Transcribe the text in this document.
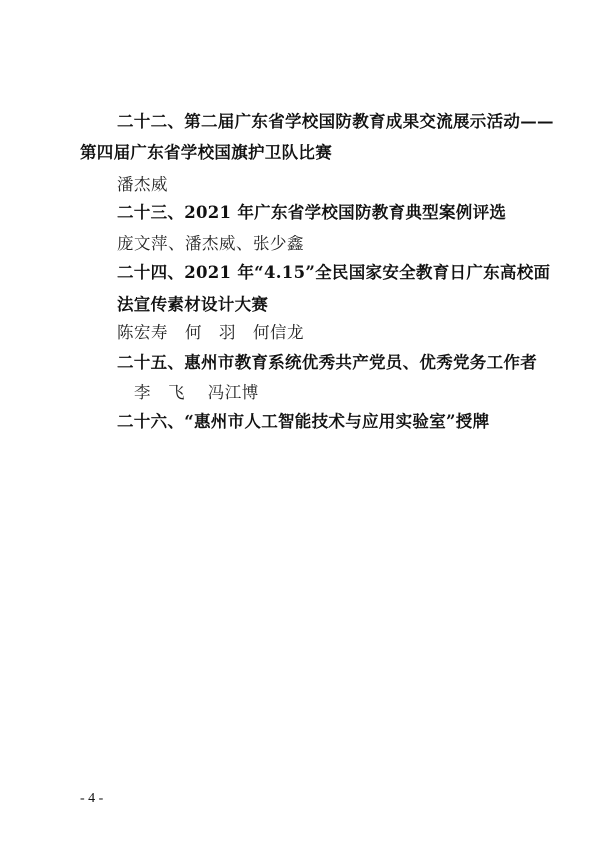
二十二、第二届广东省学校国防教育成果交流展示活动——
第四届广东省学校国旗护卫队比赛
潘杰威
二十三、2021 年广东省学校国防教育典型案例评选
庞文萍、潘杰威、张少鑫
二十四、2021 年“4.15”全民国家安全教育日广东高校面
法宣传素材设计大赛
陈宏寿　何　羽　何信龙
二十五、惠州市教育系统优秀共产党员、优秀党务工作者
　李　飞　 冯江博
二十六、“惠州市人工智能技术与应用实验室”授牌
- 4 -
